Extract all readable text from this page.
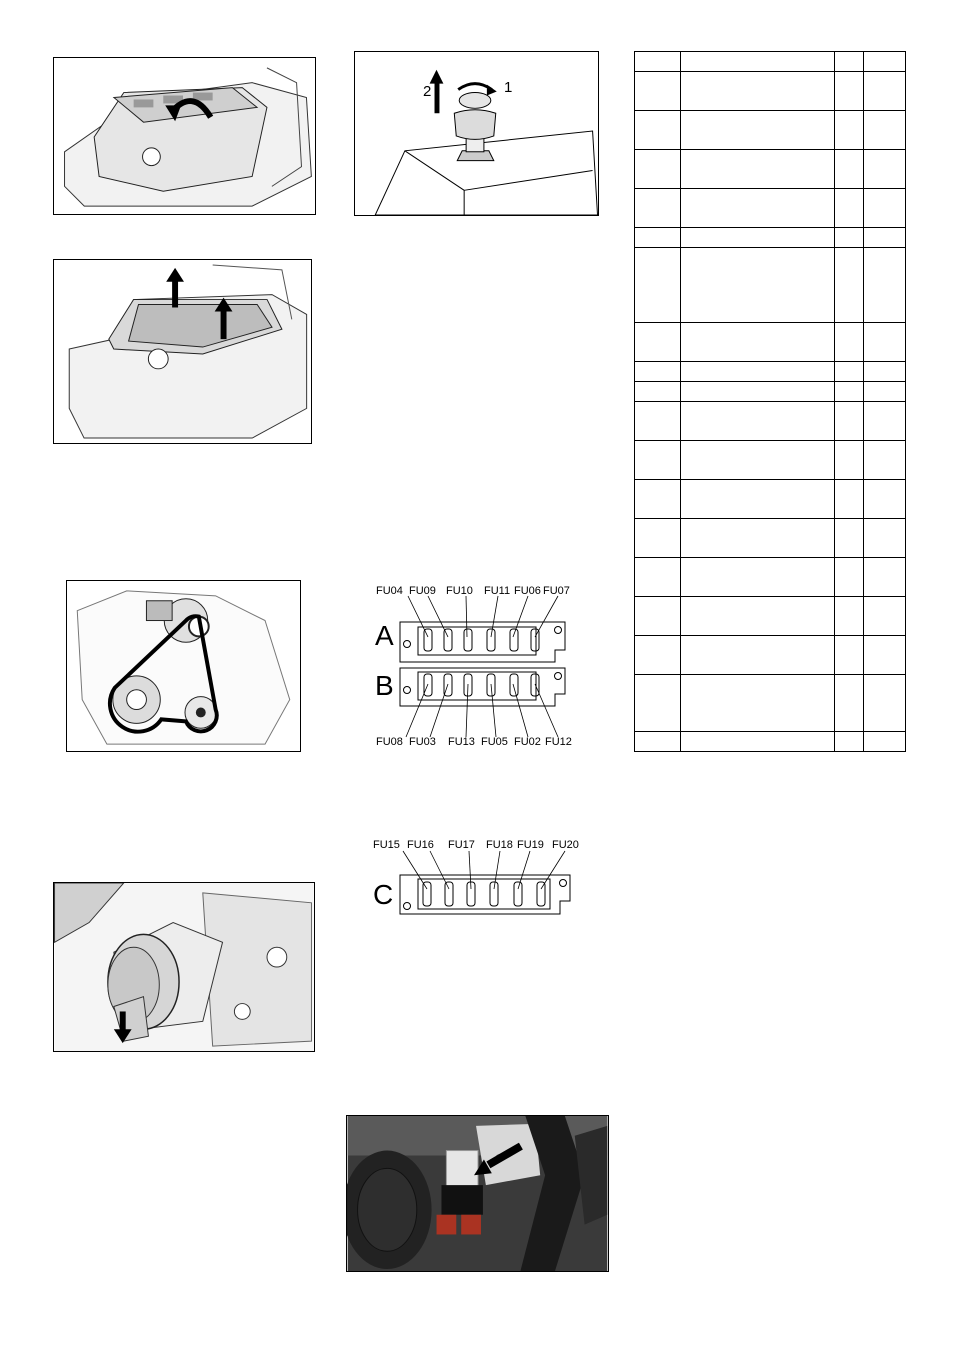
1
2
FU04 FU09 FU10 FU11 FU06 FU07
A
B
FU08 FU03 FU13 FU05 FU02 FU12
FU15 FU16 FU17 FU18 FU19 FU20
C
